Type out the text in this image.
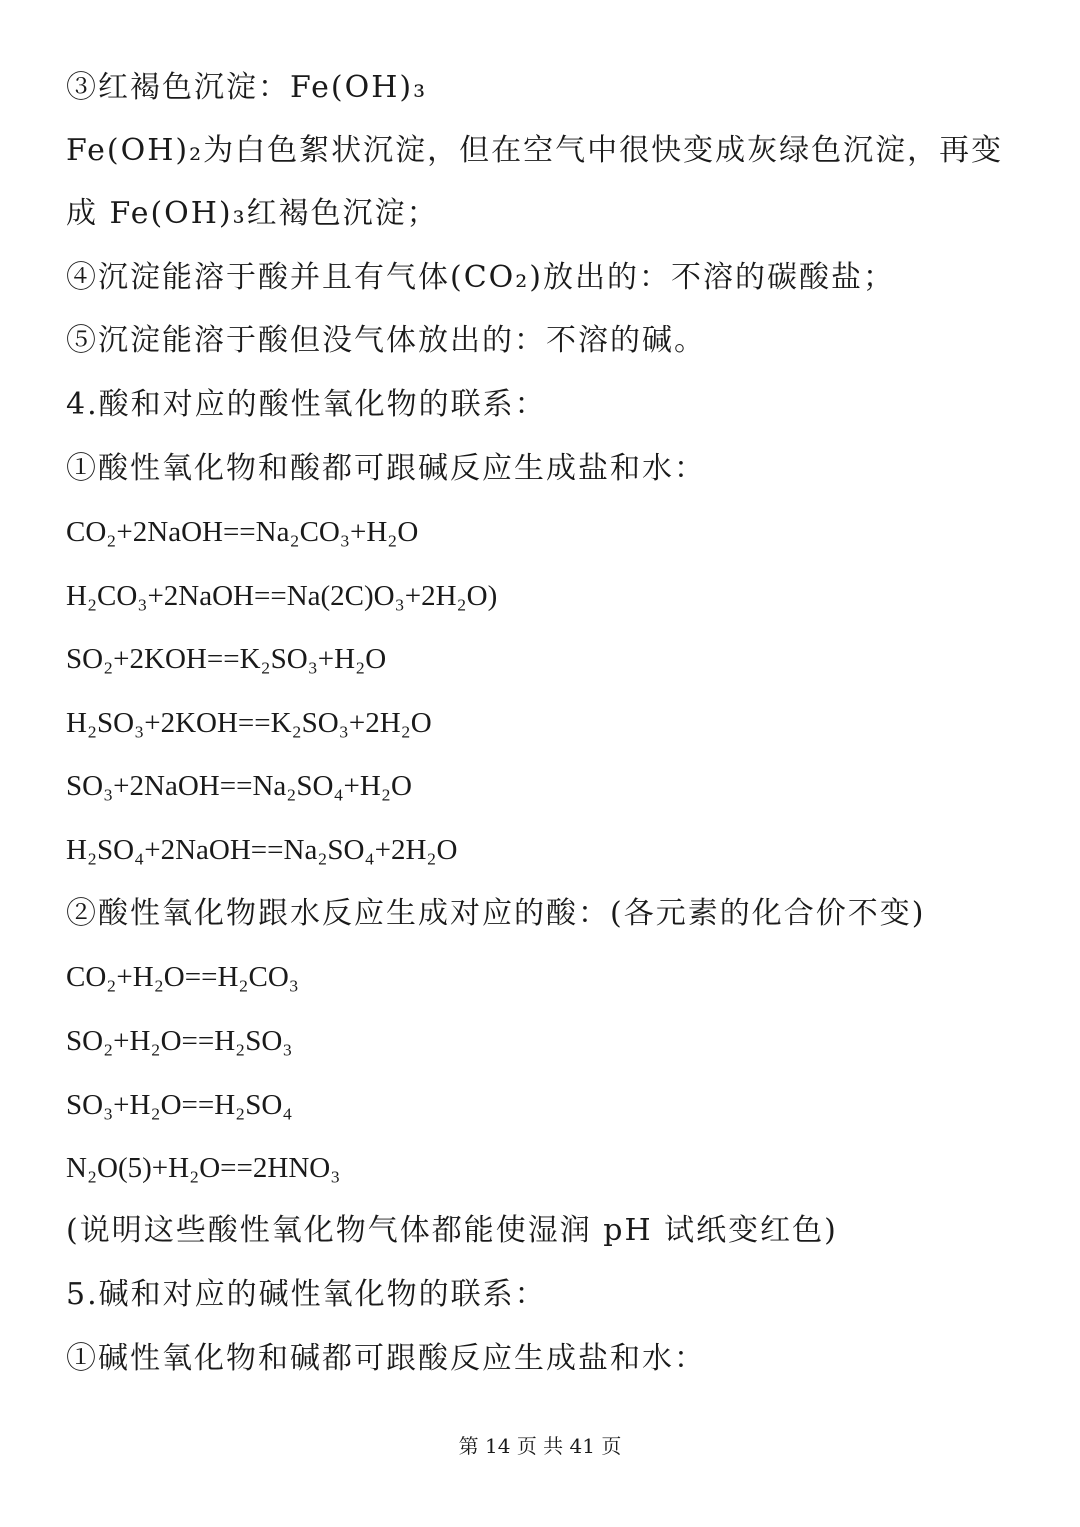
③红褐色沉淀：Fe(OH)₃
Fe(OH)₂为白色絮状沉淀，但在空气中很快变成灰绿色沉淀，再变
成 Fe(OH)₃红褐色沉淀；
④沉淀能溶于酸并且有气体(CO₂)放出的：不溶的碳酸盐；
⑤沉淀能溶于酸但没气体放出的：不溶的碱。
4.酸和对应的酸性氧化物的联系：
①酸性氧化物和酸都可跟碱反应生成盐和水：
CO₂+2NaOH==Na₂CO₃+H₂O
H₂CO₃+2NaOH==Na(2C)O₃+2H₂O)
SO₂+2KOH==K₂SO₃+H₂O
H₂SO₃+2KOH==K₂SO₃+2H₂O
SO₃+2NaOH==Na₂SO₄+H₂O
H₂SO₄+2NaOH==Na₂SO₄+2H₂O
②酸性氧化物跟水反应生成对应的酸：(各元素的化合价不变)
CO₂+H₂O==H₂CO₃
SO₂+H₂O==H₂SO₃
SO₃+H₂O==H₂SO₄
N₂O(5)+H₂O==2HNO₃
(说明这些酸性氧化物气体都能使湿润 pH 试纸变红色)
5.碱和对应的碱性氧化物的联系：
①碱性氧化物和碱都可跟酸反应生成盐和水：
第 14 页 共 41 页
